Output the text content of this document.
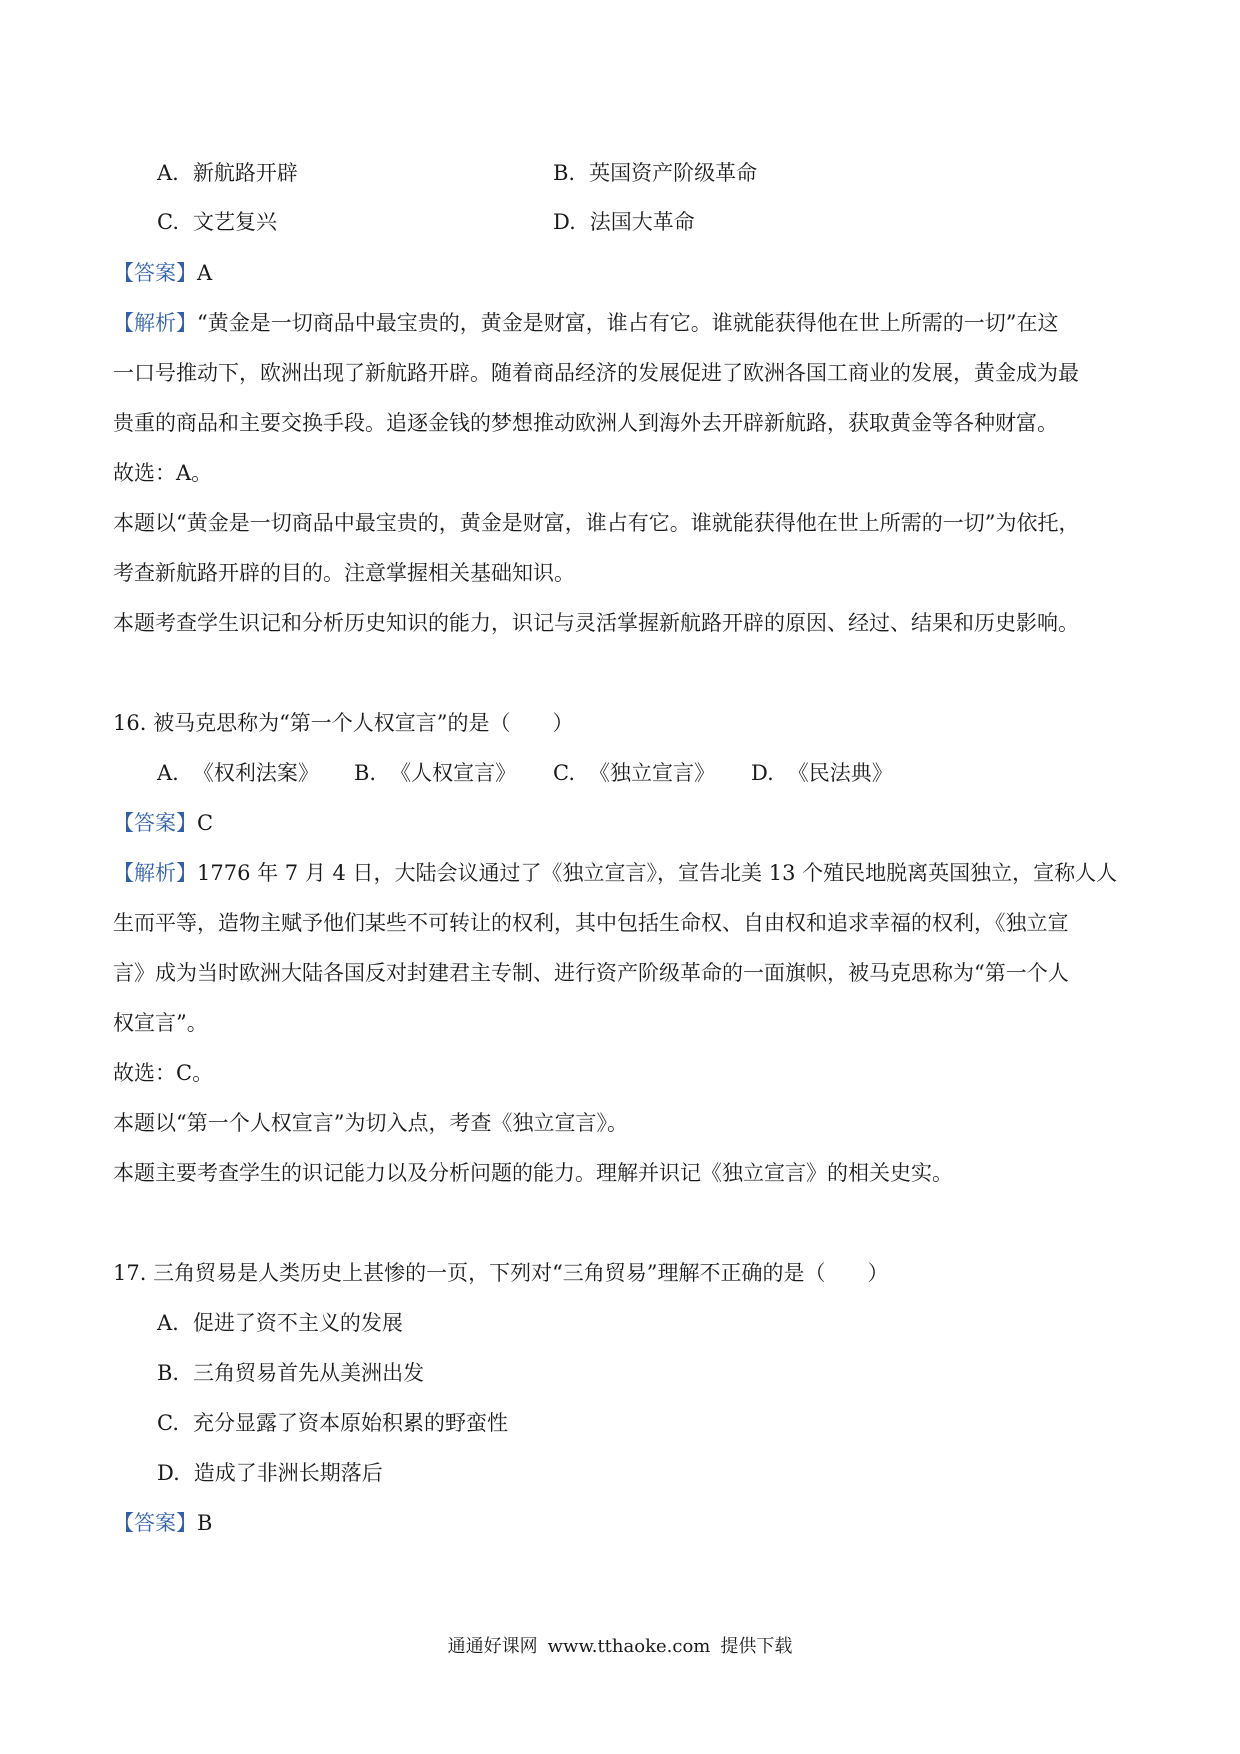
A. 新航路开辟	B. 英国资产阶级革命
C. 文艺复兴	D. 法国大革命
【答案】A
【解析】“黄金是一切商品中最宝贵的，黄金是财富，谁占有它。谁就能获得他在世上所需的一切”在这
一口号推动下，欧洲出现了新航路开辟。随着商品经济的发展促进了欧洲各国工商业的发展，黄金成为最
贵重的商品和主要交换手段。追逐金钱的梦想推动欧洲人到海外去开辟新航路，获取黄金等各种财富。
故选：A。
本题以“黄金是一切商品中最宝贵的，黄金是财富，谁占有它。谁就能获得他在世上所需的一切”为依托，
考查新航路开辟的目的。注意掌握相关基础知识。
本题考查学生识记和分析历史知识的能力，识记与灵活掌握新航路开辟的原因、经过、结果和历史影响。
16. 被马克思称为“第一个人权宣言”的是（　　）
A. 《权利法案》 B. 《人权宣言》 C. 《独立宣言》 D. 《民法典》
【答案】C
【解析】1776 年 7 月 4 日，大陆会议通过了《独立宣言》，宣告北美 13 个殖民地脱离英国独立，宣称人人
生而平等，造物主赋予他们某些不可转让的权利，其中包括生命权、自由权和追求幸福的权利，《独立宣
言》成为当时欧洲大陆各国反对封建君主专制、进行资产阶级革命的一面旗帜，被马克思称为“第一个人
权宣言”。
故选：C。
本题以“第一个人权宣言”为切入点，考查《独立宣言》。
本题主要考查学生的识记能力以及分析问题的能力。理解并识记《独立宣言》的相关史实。
17. 三角贸易是人类历史上甚惨的一页，下列对“三角贸易”理解不正确的是（　　）
A. 促进了资不主义的发展
B. 三角贸易首先从美洲出发
C. 充分显露了资本原始积累的野蛮性
D. 造成了非洲长期落后
【答案】B
通通好课网 www.tthaoke.com 提供下载
